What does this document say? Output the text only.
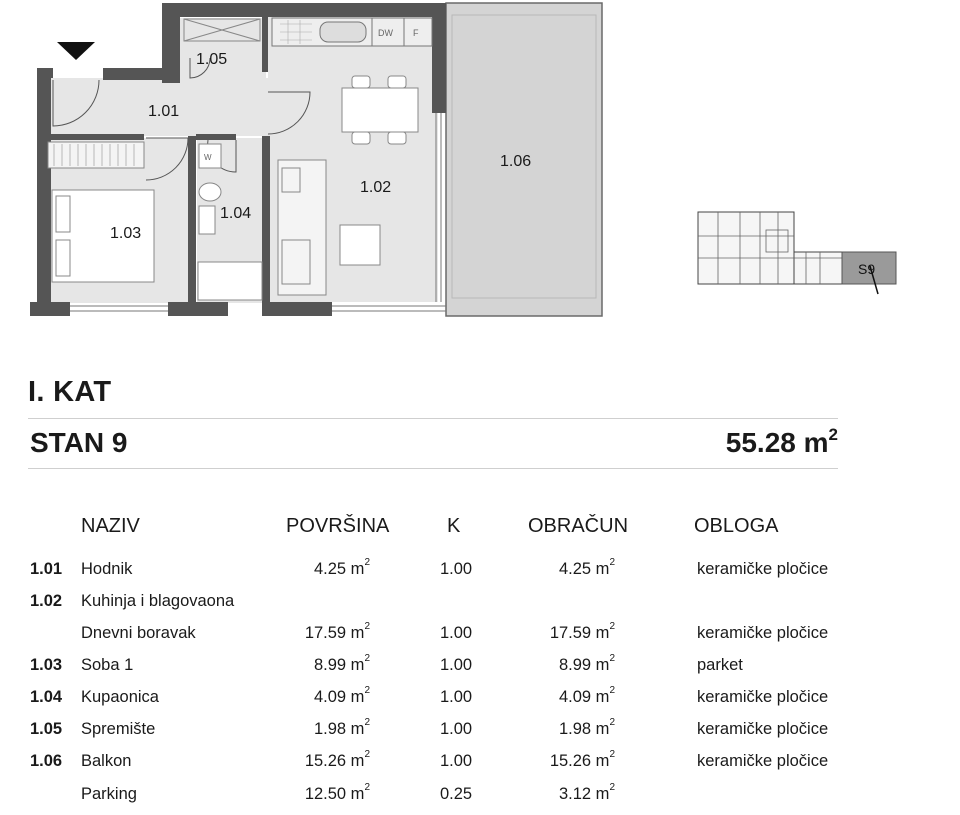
DW F
W
1.05
1.01
1.02
1.03
1.04
1.06
S9
I. KAT
STAN 9	55.28 $m^2$
NAZIV	POVRŠINA	K	OBRAČUN	OBLOGA
1.01 Hodnik	4.25 $m^2$	1.00	4.25 $m^2$	keramičke pločice
1.02 Kuhinja i blagovaona
Dnevni boravak	17.59 $m^2$	1.00	17.59 $m^2$	keramičke pločice
1.03 Soba 1	8.99 $m^2$	1.00	8.99 $m^2$	parket
1.04 Kupaonica	4.09 $m^2$	1.00	4.09 $m^2$	keramičke pločice
1.05 Spremište	1.98 $m^2$	1.00	1.98 $m^2$	keramičke pločice
1.06 Balkon	15.26 $m^2$	1.00	15.26 $m^2$	keramičke pločice
Parking	12.50 $m^2$	0.25	3.12 $m^2$
